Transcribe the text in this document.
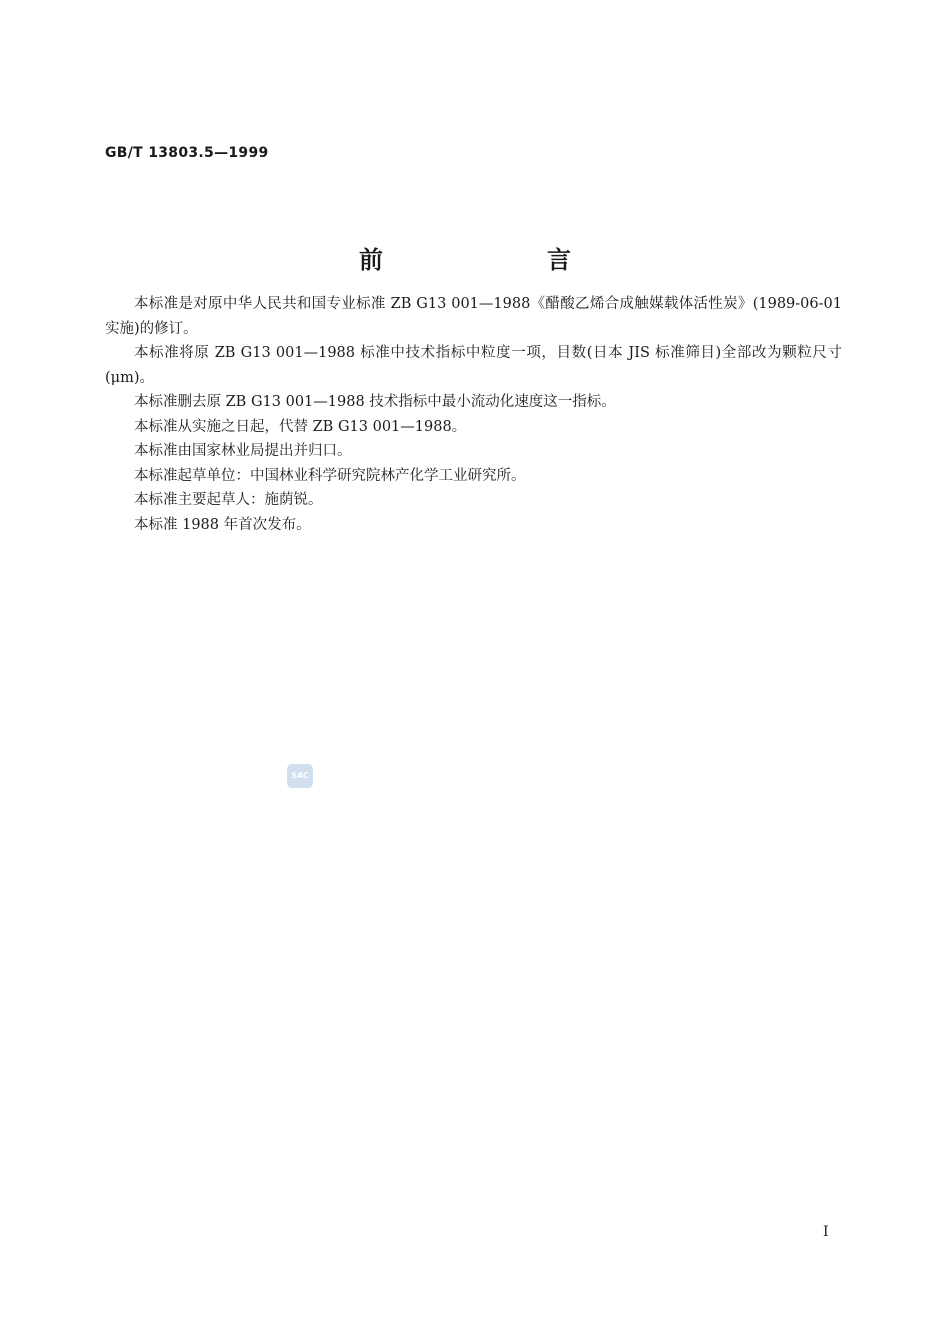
GB/T 13803.5—1999
前　言

本标准是对原中华人民共和国专业标准 ZB G13 001—1988《醋酸乙烯合成触媒载体活性炭》(1989-06-01 实施)的修订。

本标准将原 ZB G13 001—1988 标准中技术指标中粒度一项，目数(日本 JIS 标准筛目)全部改为颗粒尺寸(μm)。

本标准删去原 ZB G13 001—1988 技术指标中最小流动化速度这一指标。

本标准从实施之日起，代替 ZB G13 001—1988。

本标准由国家林业局提出并归口。

本标准起草单位：中国林业科学研究院林产化学工业研究所。

本标准主要起草人：施荫锐。

本标准 1988 年首次发布。

SAC
I
